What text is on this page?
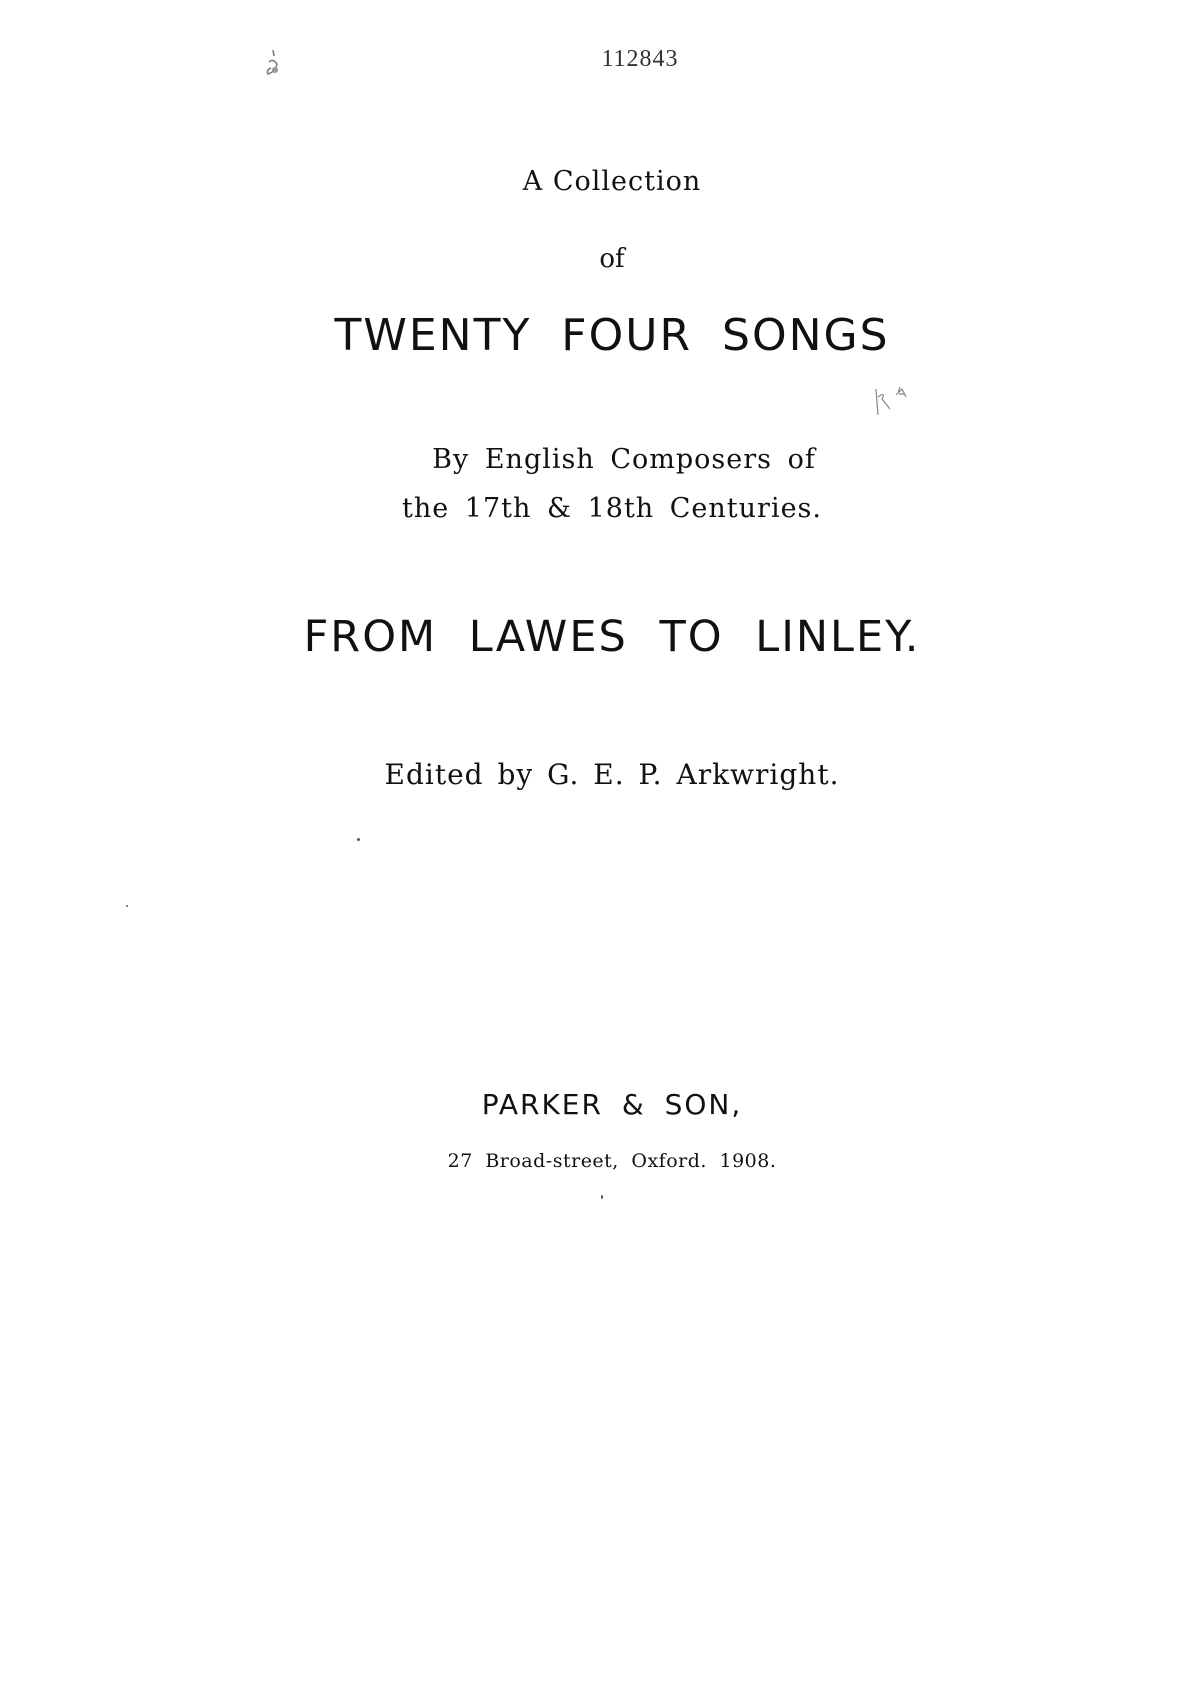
112843
A Collection
of
TWENTY FOUR SONGS
By English Composers of
the 17th & 18th Centuries.
FROM LAWES TO LINLEY.
Edited by G. E. P. Arkwright.
PARKER & SON,
27 Broad-street, Oxford. 1908.
